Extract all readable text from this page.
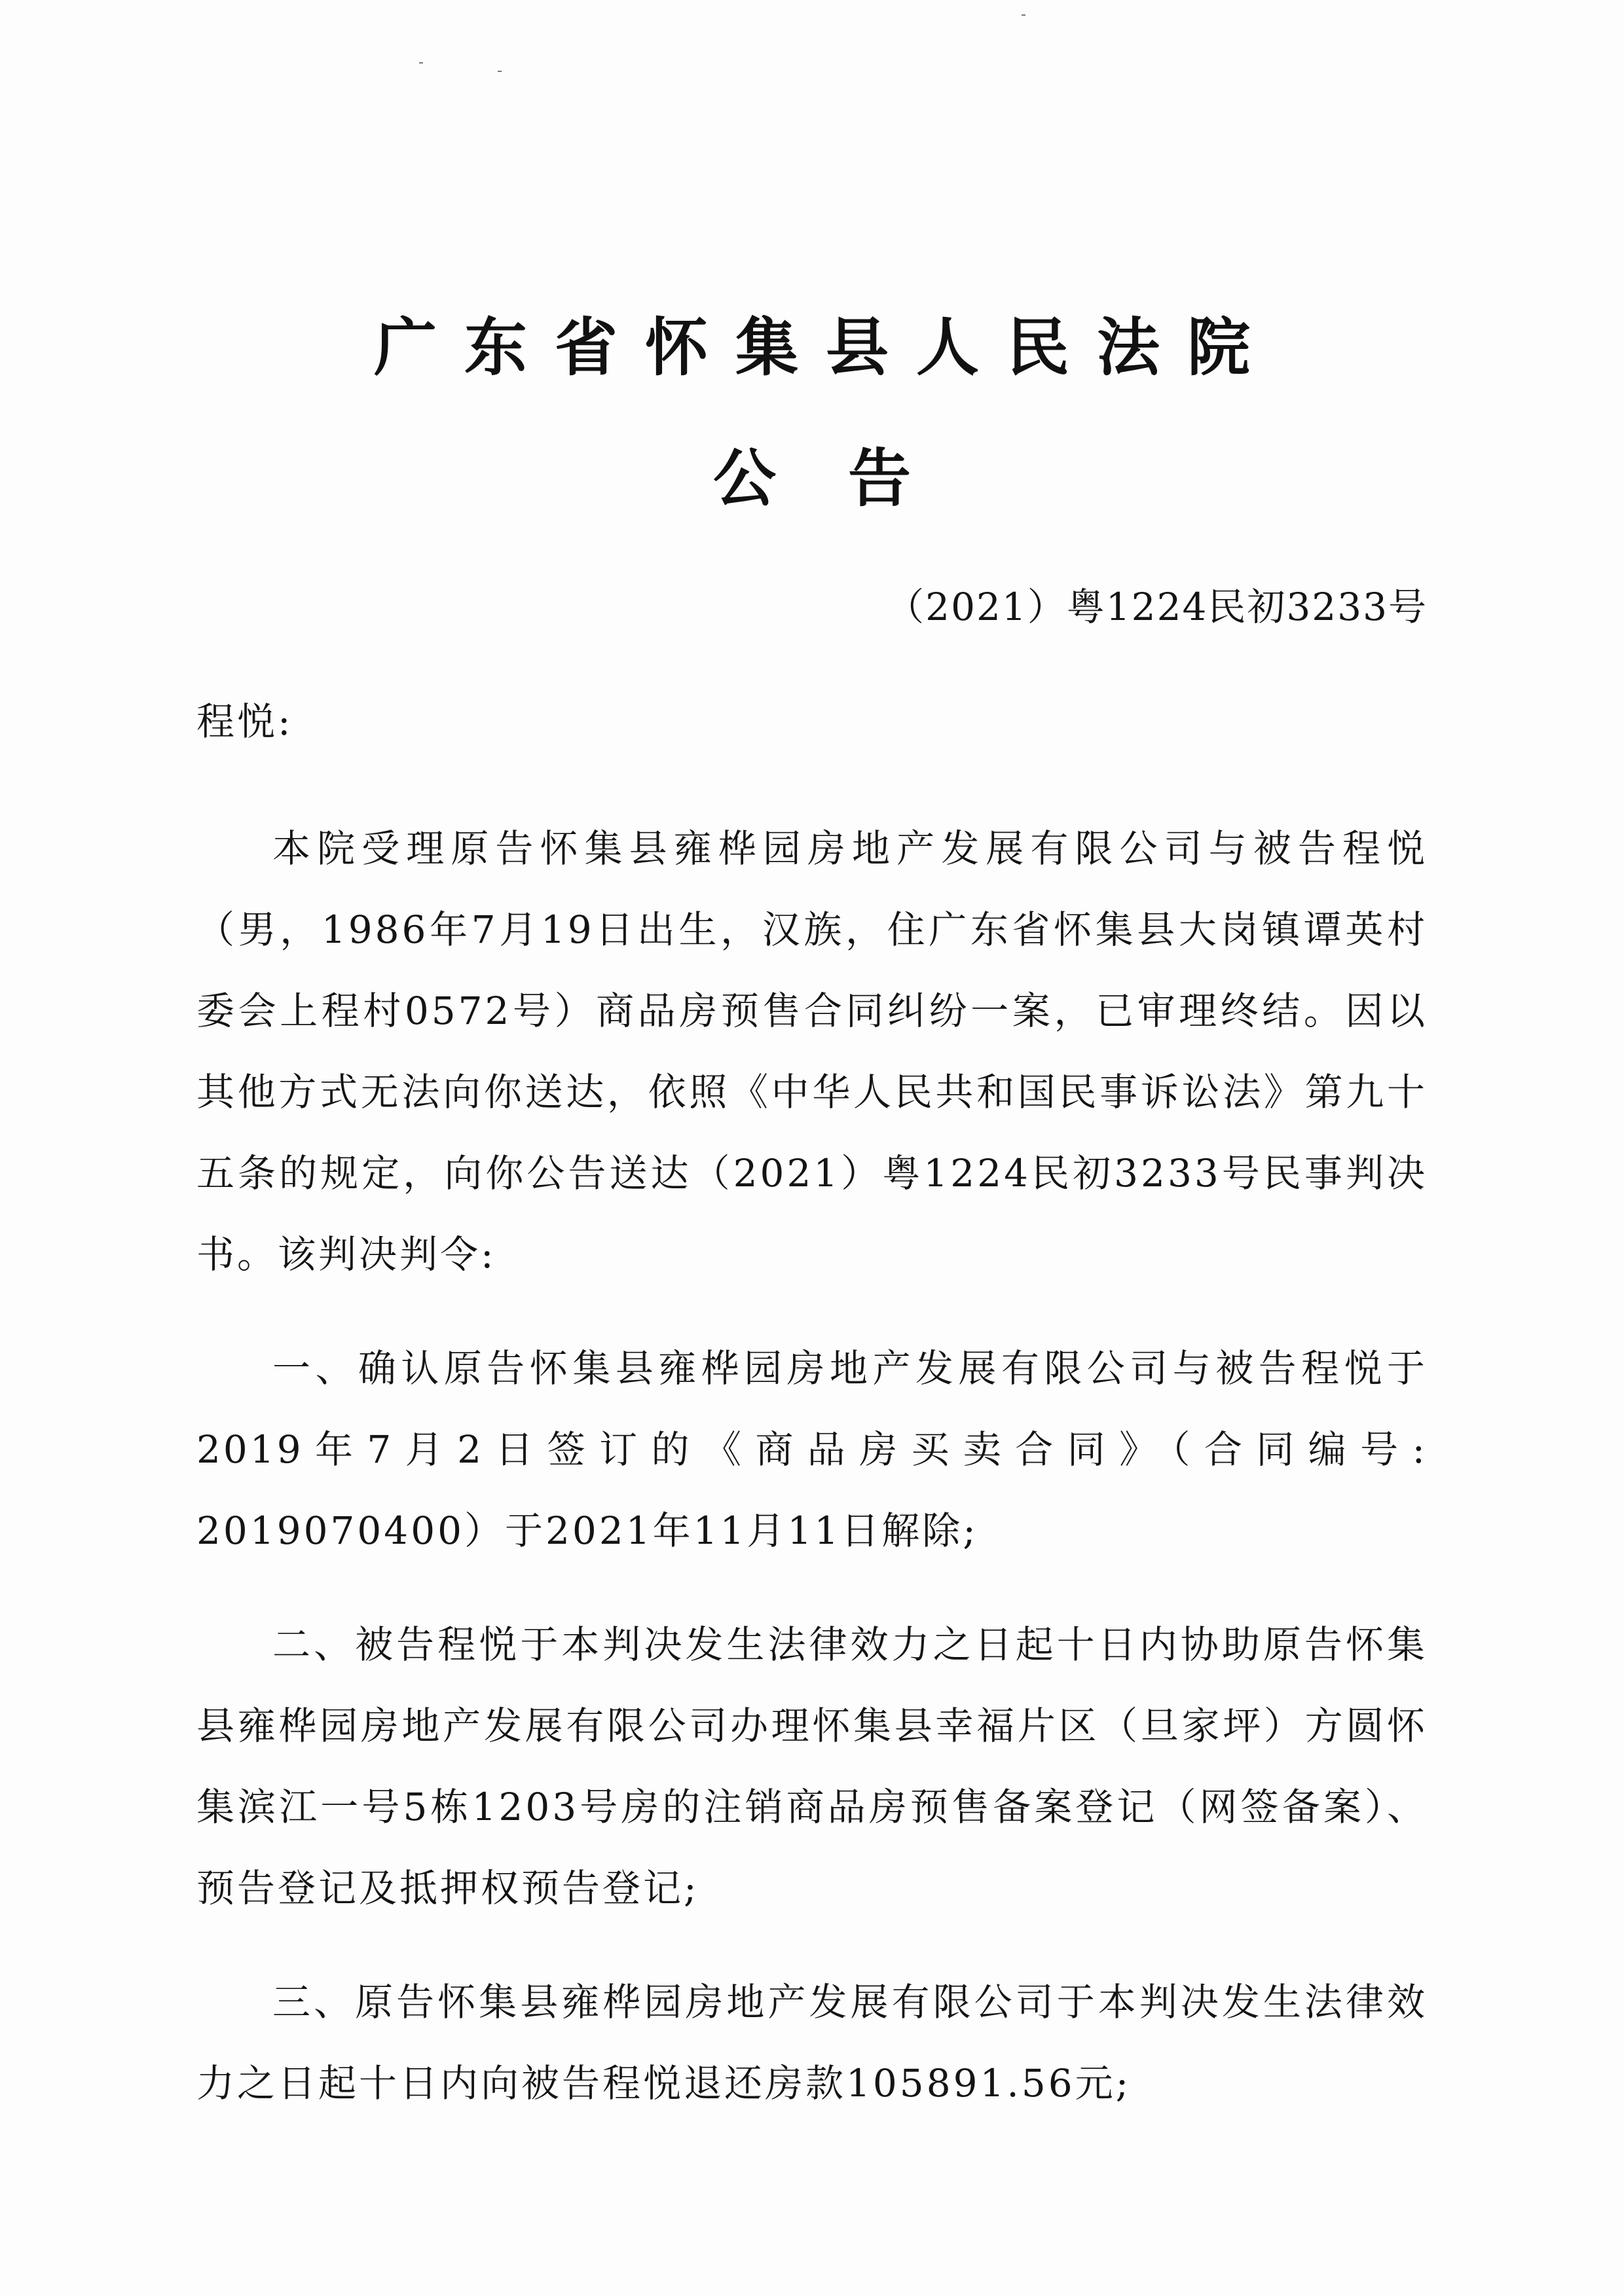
广东省怀集县人民法院
公告
（2021）粤1224民初3233号

程悦:

本院受理原告怀集县雍桦园房地产发展有限公司与被告程悦（男，1986年7月19日出生，汉族，住广东省怀集县大岗镇谭英村委会上程村0572号）商品房预售合同纠纷一案，已审理终结。因以其他方式无法向你送达，依照《中华人民共和国民事诉讼法》第九十五条的规定，向你公告送达（2021）粤1224民初3233号民事判决书。该判决判令:

一、确认原告怀集县雍桦园房地产发展有限公司与被告程悦于2019年7月2日签订的《商品房买卖合同》（合同编号: 2019070400）于2021年11月11日解除;

二、被告程悦于本判决发生法律效力之日起十日内协助原告怀集县雍桦园房地产发展有限公司办理怀集县幸福片区（旦家坪）方圆怀集滨江一号5栋1203号房的注销商品房预售备案登记（网签备案）、预告登记及抵押权预告登记;

三、原告怀集县雍桦园房地产发展有限公司于本判决发生法律效力之日起十日内向被告程悦退还房款105891.56元;
